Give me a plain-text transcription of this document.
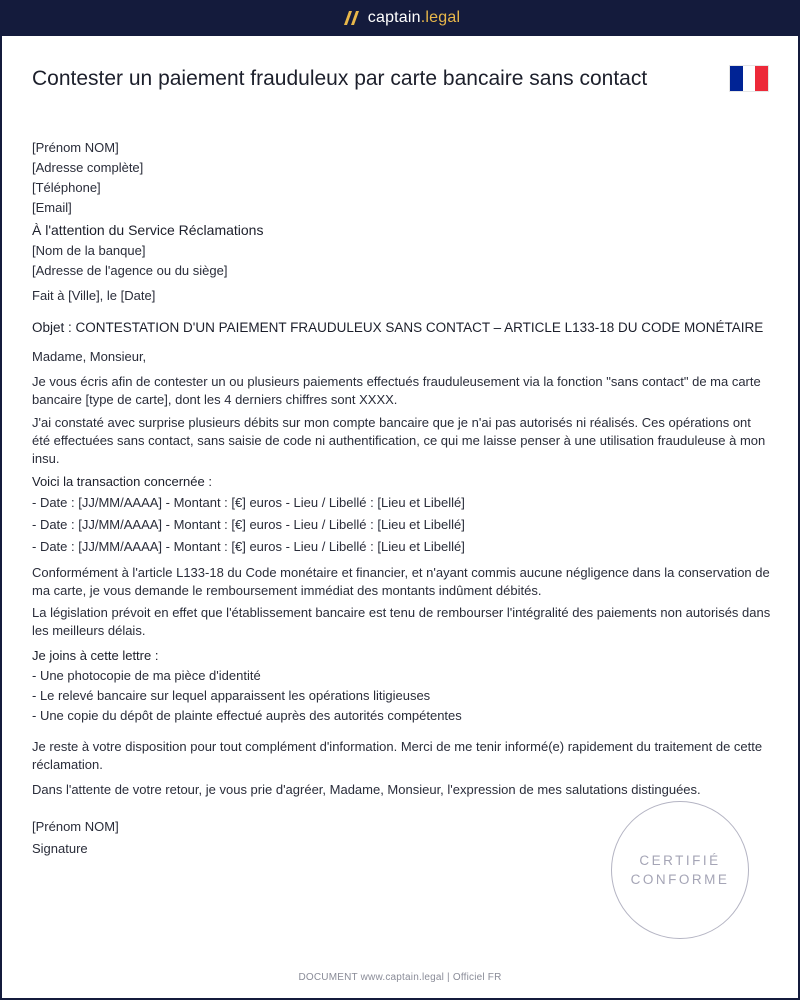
captain.legal
Contester un paiement frauduleux par carte bancaire sans contact

[Prénom NOM]

[Adresse complète]

[Téléphone]

[Email]

À l'attention du Service Réclamations

[Nom de la banque]

[Adresse de l'agence ou du siège]

Fait à [Ville], le [Date]

Objet : CONTESTATION D'UN PAIEMENT FRAUDULEUX SANS CONTACT – ARTICLE L133-18 DU CODE MONÉTAIRE

Madame, Monsieur,

Je vous écris afin de contester un ou plusieurs paiements effectués frauduleusement via la fonction "sans contact" de ma carte bancaire [type de carte], dont les 4 derniers chiffres sont XXXX.

J'ai constaté avec surprise plusieurs débits sur mon compte bancaire que je n'ai pas autorisés ni réalisés. Ces opérations ont été effectuées sans contact, sans saisie de code ni authentification, ce qui me laisse penser à une utilisation frauduleuse à mon insu.

Voici la transaction concernée :

- Date : [JJ/MM/AAAA] - Montant : [€] euros - Lieu / Libellé : [Lieu et Libellé]

- Date : [JJ/MM/AAAA] - Montant : [€] euros - Lieu / Libellé : [Lieu et Libellé]

- Date : [JJ/MM/AAAA] - Montant : [€] euros - Lieu / Libellé : [Lieu et Libellé]

Conformément à l'article L133-18 du Code monétaire et financier, et n'ayant commis aucune négligence dans la conservation de ma carte, je vous demande le remboursement immédiat des montants indûment débités.

La législation prévoit en effet que l'établissement bancaire est tenu de rembourser l'intégralité des paiements non autorisés dans les meilleurs délais.

Je joins à cette lettre :

- Une photocopie de ma pièce d'identité

- Le relevé bancaire sur lequel apparaissent les opérations litigieuses

- Une copie du dépôt de plainte effectué auprès des autorités compétentes

Je reste à votre disposition pour tout complément d'information. Merci de me tenir informé(e) rapidement du traitement de cette réclamation.

Dans l'attente de votre retour, je vous prie d'agréer, Madame, Monsieur, l'expression de mes salutations distinguées.

[Prénom NOM]

Signature

CERTIFIÉ
CONFORME
DOCUMENT www.captain.legal | Officiel FR
